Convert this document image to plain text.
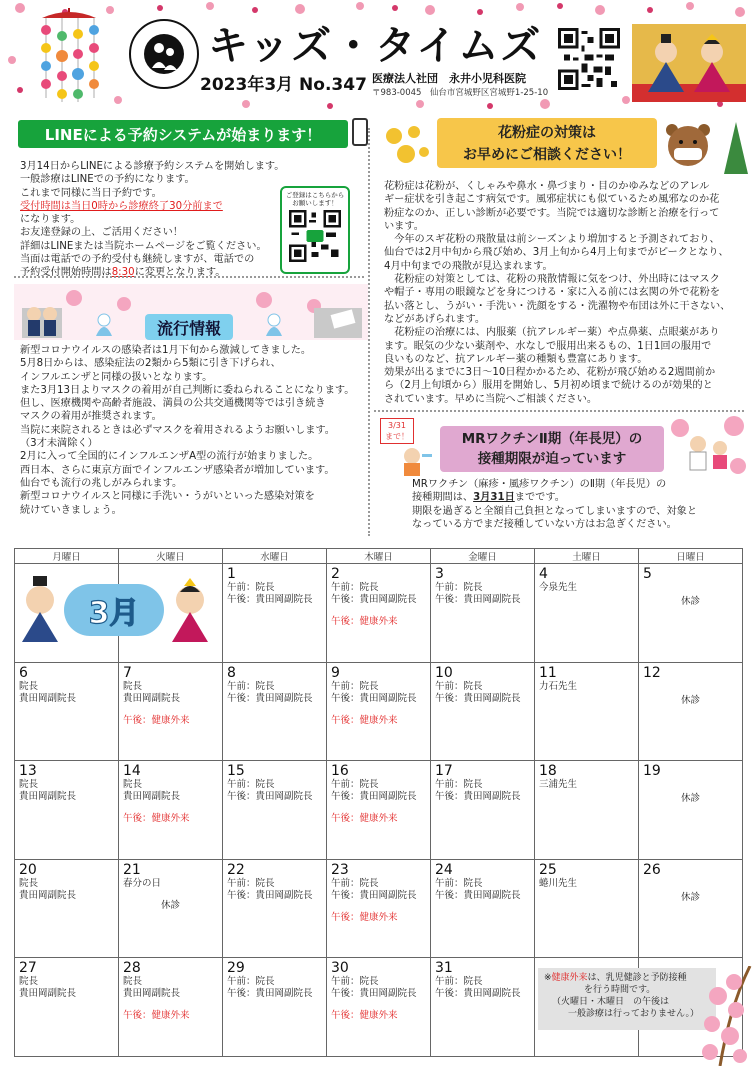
キッズ・タイムズ
2023年3月 No.347 医療法人社団　永井小児科医院
〒983-0045　仙台市宮城野区宮城野1-25-10
LINEによる予約システムが始まります！
3月14日からLINEによる診療予約システムを開始します。
一般診療はLINEでの予約になります。
これまで同様に当日予約です。
受付時間は当日0時から診療終了30分前まで
になります。
お友達登録の上、ご活用ください！
詳細はLINEまたは当院ホームページをご覧ください。
当面は電話での予約受付も継続しますが、電話での
予約受付開始時間は8:30に変更となります。
ご登録はこちらから
お願いします！
流行情報
新型コロナウイルスの感染者は1月下旬から激減してきました。
5月8日からは、感染症法の2類から5類に引き下げられ、
インフルエンザと同様の扱いとなります。
また3月13日よりマスクの着用が自己判断に委ねられることになります。
但し、医療機関や高齢者施設、満員の公共交通機関等では引き続き
マスクの着用が推奨されます。
当院に来院されるときは必ずマスクを着用されるようお願いします。
（3才未満除く）
2月に入って全国的にインフルエンザA型の流行が始まりました。
西日本、さらに東京方面でインフルエンザ感染者が増加しています。
仙台でも流行の兆しがみられます。
新型コロナウイルスと同様に手洗い・うがいといった感染対策を
続けていきましょう。
花粉症の対策は
お早めにご相談ください！
花粉症は花粉が、くしゃみや鼻水・鼻づまり・目のかゆみなどのアレル
ギー症状を引き起こす病気です。風邪症状にも似ているため風邪なのか花
粉症なのか、正しい診断が必要です。当院では適切な診断と治療を行って
います。
　今年のスギ花粉の飛散量は前シーズンより増加すると予測されており、
仙台では2月中旬から飛び始め、3月上旬から4月上旬までがピークとなり、
4月中旬までの飛散が見込まれます。
　花粉症の対策としては、花粉の飛散情報に気をつけ、外出時にはマスク
や帽子・専用の眼鏡などを身につける・家に入る前には玄関の外で花粉を
払い落とし、うがい・手洗い・洗顔をする・洗濯物や布団は外に干さない、
などがあげられます。
　花粉症の治療には、内服薬（抗アレルギー薬）や点鼻薬、点眼薬があり
ます。眠気の少ない薬剤や、水なしで服用出来るもの、1日1回の服用で
良いものなど、抗アレルギー薬の種類も豊富にあります。
効果が出るまでに3日〜10日程かかるため、花粉が飛び始める2週間前か
ら（2月上旬頃から）服用を開始し、5月初め頃まで続けるのが効果的と
されています。早めに当院へご相談ください。
3/31
まで！	MRワクチンⅡ期（年長児）の
接種期限が迫っています
MRワクチン（麻疹・風疹ワクチン）のⅡ期（年長児）の
接種期間は、3月31日までです。
期限を過ぎると全額自己負担となってしまいますので、対象と
なっている方でまだ接種していない方はお急ぎください。
月曜日	火曜日	水曜日	木曜日	金曜日	土曜日	日曜日

		1
午前：院長
午後：貴田岡副院長	2
午前：院長
午後：貴田岡副院長
午後：健康外来	3
午前：院長
午後：貴田岡副院長	4
今泉先生	5
休診

6
院長
貴田岡副院長	7
院長
貴田岡副院長
午後：健康外来	8
午前：院長
午後：貴田岡副院長	9
午前：院長
午後：貴田岡副院長
午後：健康外来	10
午前：院長
午後：貴田岡副院長	11
力石先生	12
休診

13
院長
貴田岡副院長	14
院長
貴田岡副院長
午後：健康外来	15
午前：院長
午後：貴田岡副院長	16
午前：院長
午後：貴田岡副院長
午後：健康外来	17
午前：院長
午後：貴田岡副院長	18
三浦先生	19
休診

20
院長
貴田岡副院長	21
春分の日
休診	22
午前：院長
午後：貴田岡副院長	23
午前：院長
午後：貴田岡副院長
午後：健康外来	24
午前：院長
午後：貴田岡副院長	25
蜷川先生	26
休診

27
院長
貴田岡副院長	28
院長
貴田岡副院長
午後：健康外来	29
午前：院長
午後：貴田岡副院長	30
午前：院長
午後：貴田岡副院長
午後：健康外来	31
午前：院長
午後：貴田岡副院長		

3月
※健康外来は、乳児健診と予防接種
を行う時間です。
（火曜日・木曜日　の午後は
一般診療は行っておりません。）
